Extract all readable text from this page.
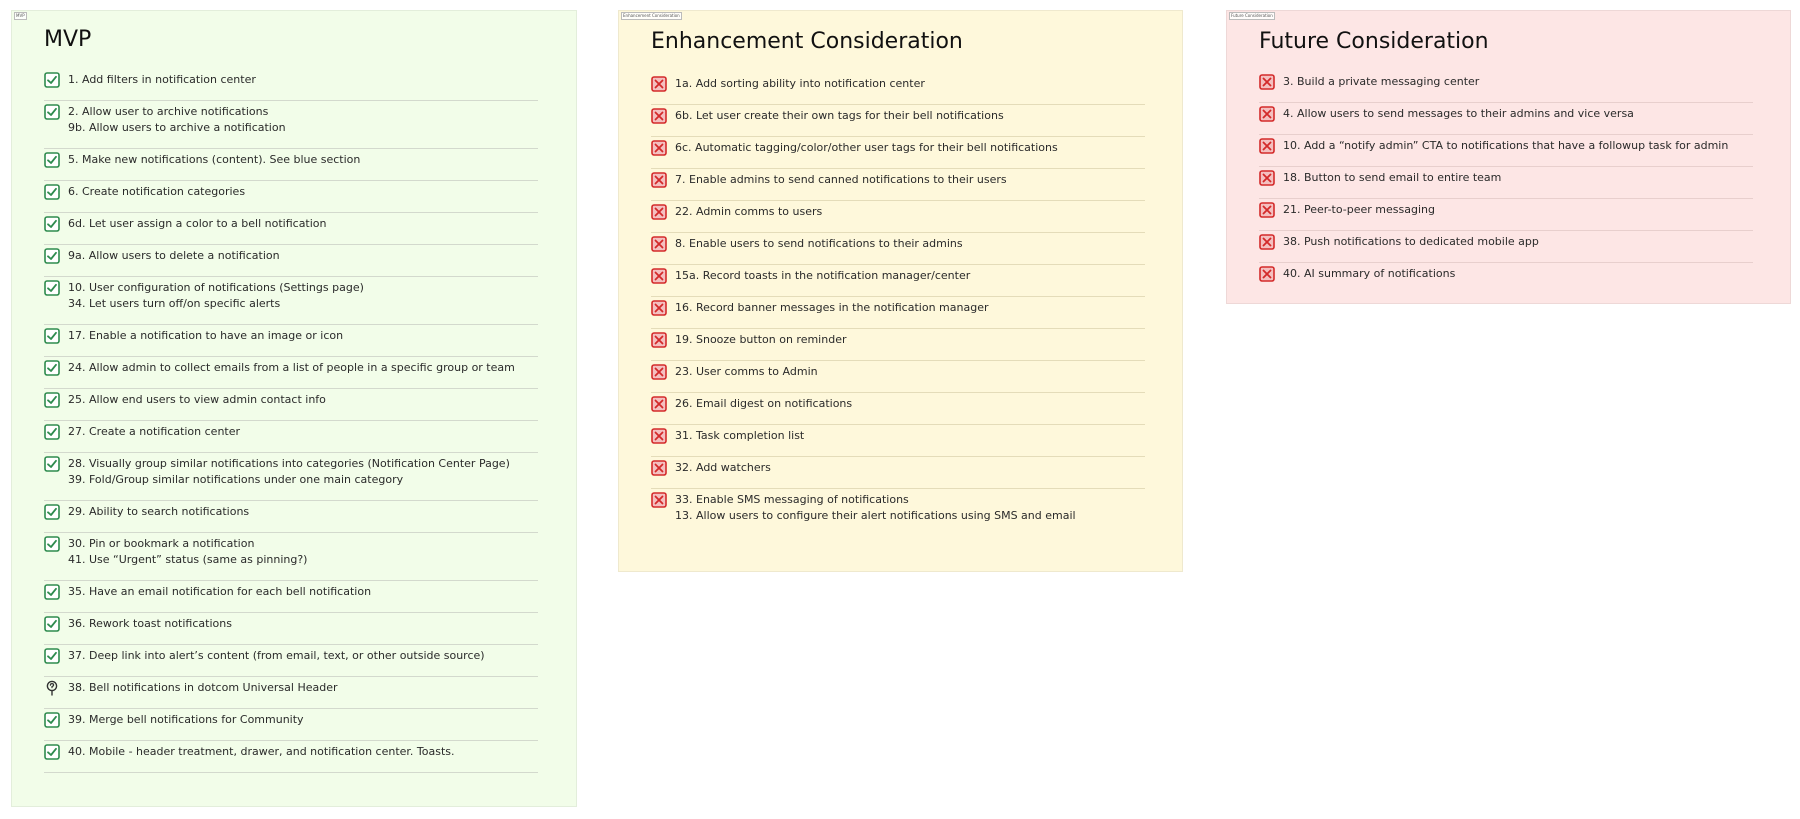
MVP
MVP
1. Add filters in notification center
2. Allow user to archive notifications
9b. Allow users to archive a notification
5. Make new notifications (content). See blue section
6. Create notification categories
6d. Let user assign a color to a bell notification
9a. Allow users to delete a notification
10. User configuration of notifications (Settings page)
34. Let users turn off/on specific alerts
17. Enable a notification to have an image or icon
24. Allow admin to collect emails from a list of people in a specific group or team
25. Allow end users to view admin contact info
27. Create a notification center
28. Visually group similar notifications into categories (Notification Center Page)
39. Fold/Group similar notifications under one main category
29. Ability to search notifications
30. Pin or bookmark a notification
41. Use “Urgent” status (same as pinning?)
35. Have an email notification for each bell notification
36. Rework toast notifications
37. Deep link into alert’s content (from email, text, or other outside source)
38. Bell notifications in dotcom Universal Header
39. Merge bell notifications for Community
40. Mobile - header treatment, drawer, and notification center. Toasts.
Enhancement Consideration
Enhancement Consideration
1a. Add sorting ability into notification center
6b. Let user create their own tags for their bell notifications
6c. Automatic tagging/color/other user tags for their bell notifications
7. Enable admins to send canned notifications to their users
22. Admin comms to users
8. Enable users to send notifications to their admins
15a. Record toasts in the notification manager/center
16. Record banner messages in the notification manager
19. Snooze button on reminder
23. User comms to Admin
26. Email digest on notifications
31. Task completion list
32. Add watchers
33. Enable SMS messaging of notifications
13. Allow users to configure their alert notifications using SMS and email
Future Consideration
Future Consideration
3. Build a private messaging center
4. Allow users to send messages to their admins and vice versa
10. Add a “notify admin” CTA to notifications that have a followup task for admin
18. Button to send email to entire team
21. Peer-to-peer messaging
38. Push notifications to dedicated mobile app
40. AI summary of notifications
